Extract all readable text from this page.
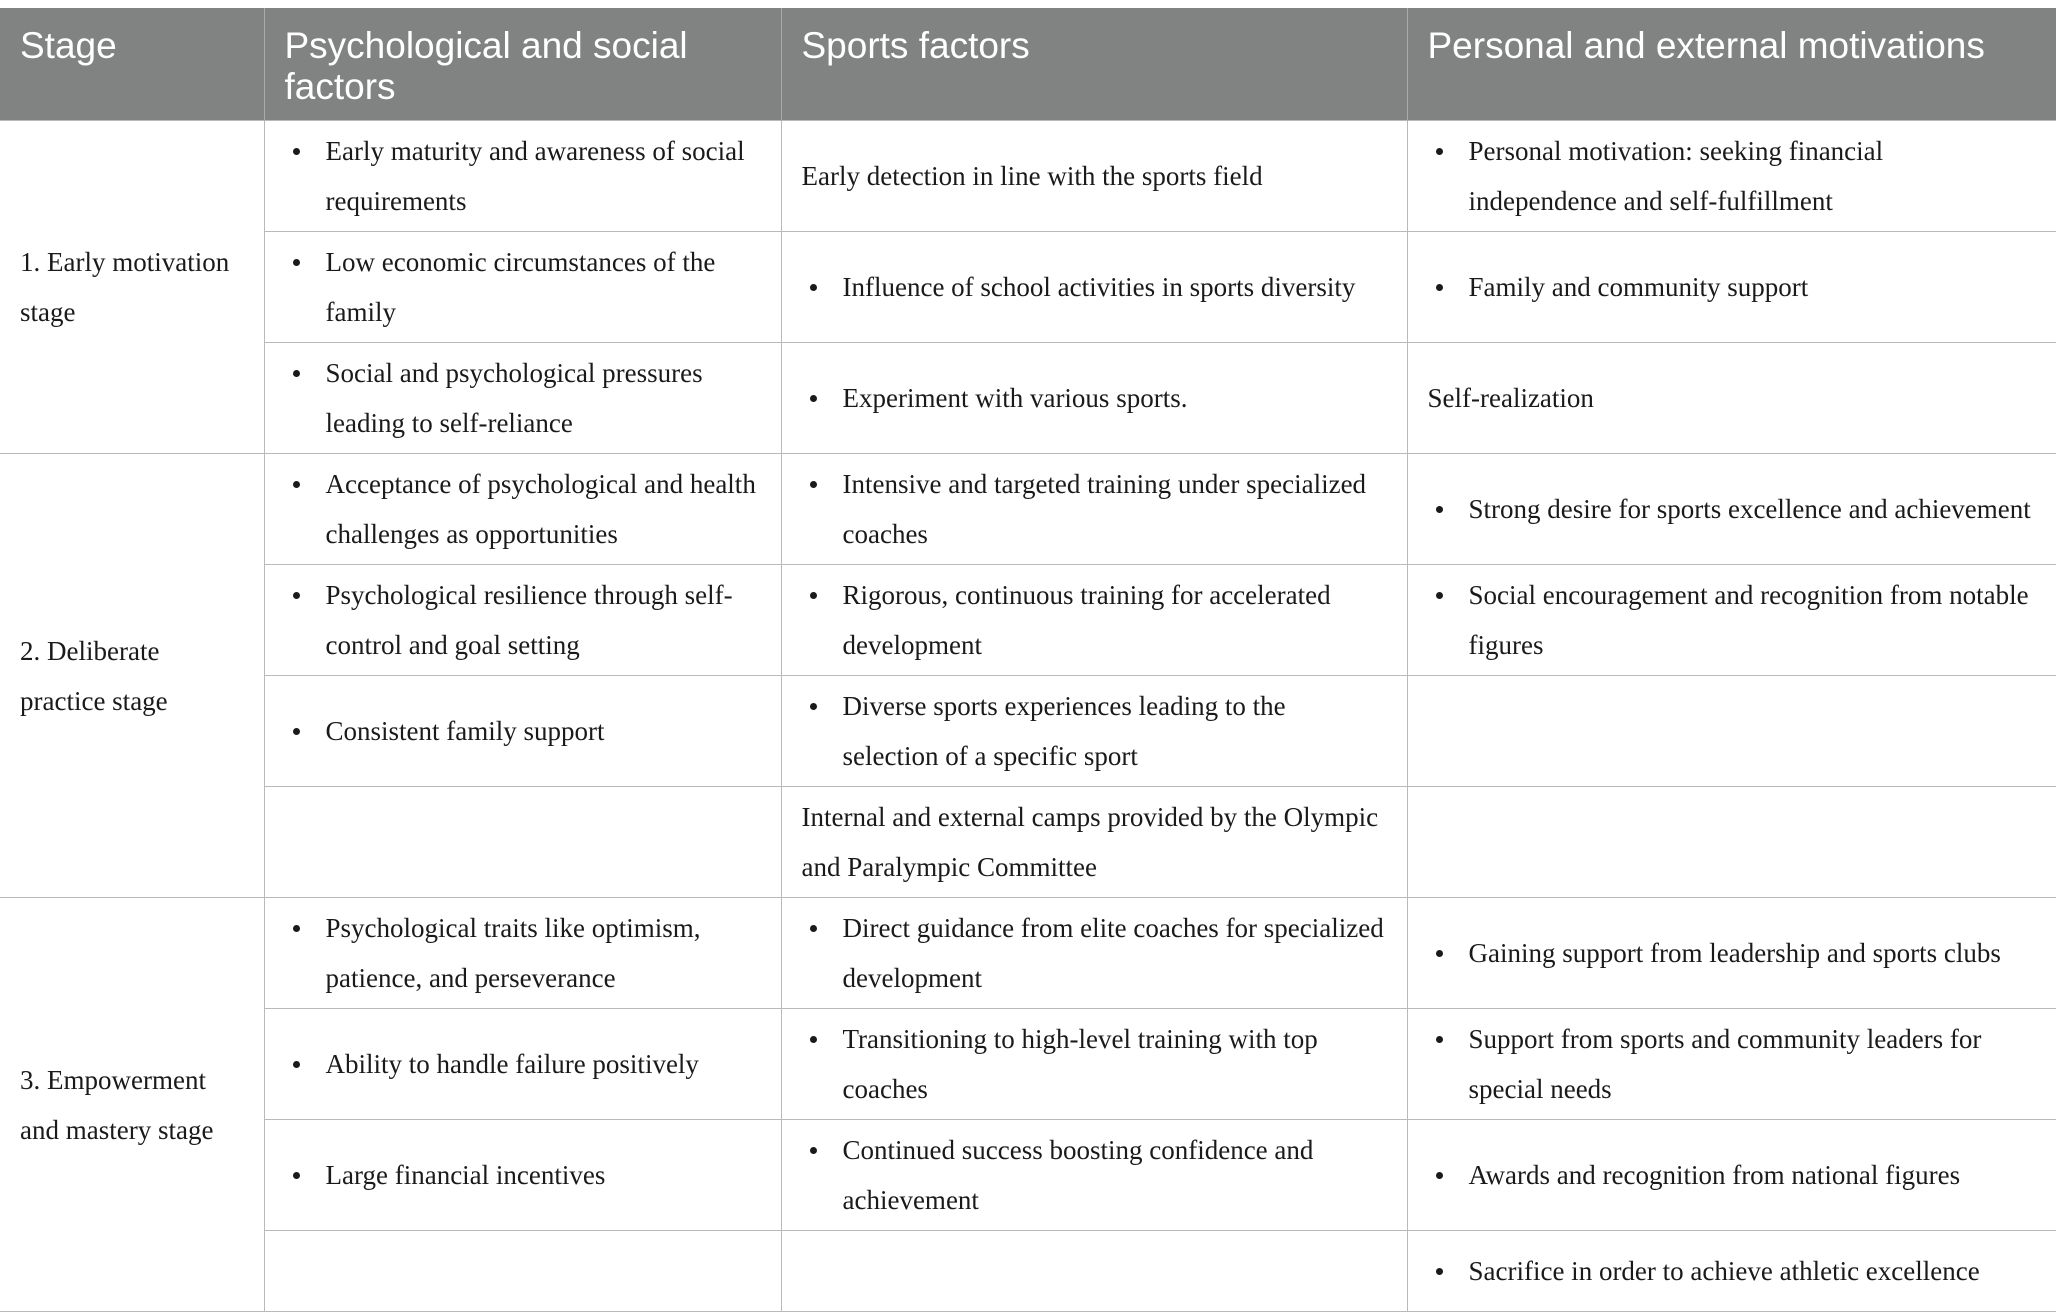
Stage	Psychological and social factors	Sports factors	Personal and external motivations
1. Early motivation stage	Early maturity and awareness of social requirements	Early detection in line with the sports field	Personal motivation: seeking financial independence and self-fulfillment

	Low economic circumstances of the family	Influence of school activities in sports diversity	Family and community support

	Social and psychological pressures leading to self-reliance	Experiment with various sports.	Self-realization
2. Deliberate practice stage	Acceptance of psychological and health challenges as opportunities	Intensive and targeted training under specialized coaches	Strong desire for sports excellence and achievement

	Psychological resilience through self-control and goal setting	Rigorous, continuous training for accelerated development	Social encouragement and recognition from notable figures

	Consistent family support	Diverse sports experiences leading to the selection of a specific sport	

		Internal and external camps provided by the Olympic and Paralympic Committee	
3. Empowerment and mastery stage	Psychological traits like optimism, patience, and perseverance	Direct guidance from elite coaches for specialized development	Gaining support from leadership and sports clubs

	Ability to handle failure positively	Transitioning to high-level training with top coaches	Support from sports and community leaders for special needs

	Large financial incentives	Continued success boosting confidence and achievement	Awards and recognition from national figures

			Sacrifice in order to achieve athletic excellence
